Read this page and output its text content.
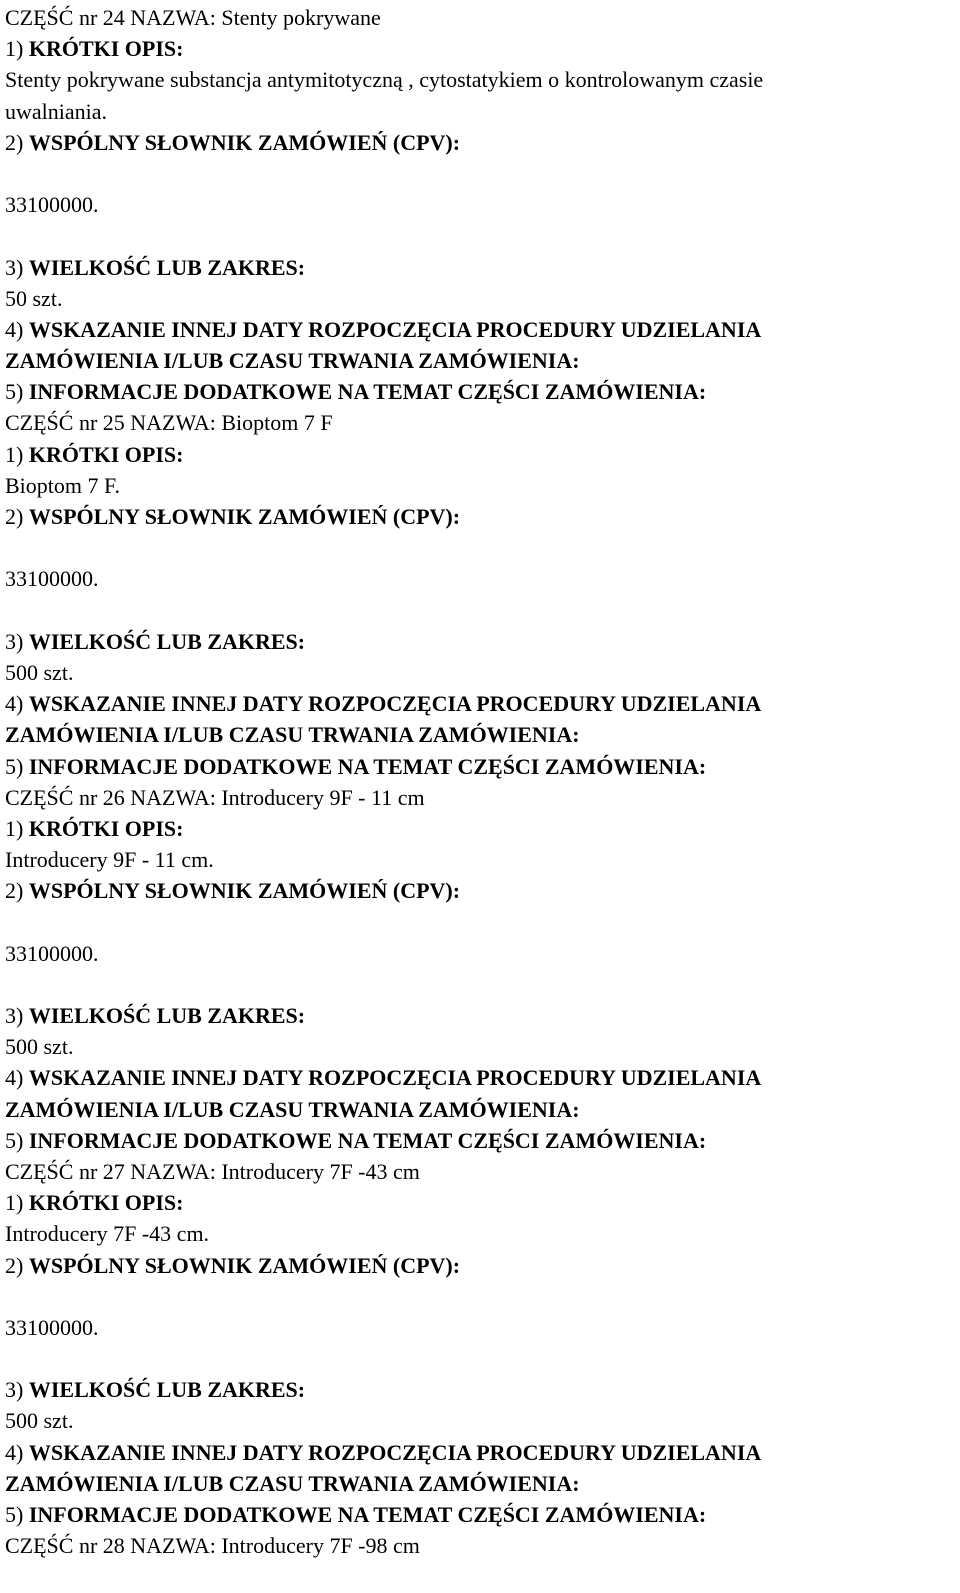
CZĘŚĆ nr 24 NAZWA: Stenty pokrywane
1) KRÓTKI OPIS:
Stenty pokrywane substancja antymitotyczną , cytostatykiem o kontrolowanym czasie
uwalniania.
2) WSPÓLNY SŁOWNIK ZAMÓWIEŃ (CPV):
33100000.
3) WIELKOŚĆ LUB ZAKRES:
50 szt.
4) WSKAZANIE INNEJ DATY ROZPOCZĘCIA PROCEDURY UDZIELANIA
ZAMÓWIENIA I/LUB CZASU TRWANIA ZAMÓWIENIA:
5) INFORMACJE DODATKOWE NA TEMAT CZĘŚCI ZAMÓWIENIA:
CZĘŚĆ nr 25 NAZWA: Bioptom 7 F
1) KRÓTKI OPIS:
Bioptom 7 F.
2) WSPÓLNY SŁOWNIK ZAMÓWIEŃ (CPV):
33100000.
3) WIELKOŚĆ LUB ZAKRES:
500 szt.
4) WSKAZANIE INNEJ DATY ROZPOCZĘCIA PROCEDURY UDZIELANIA
ZAMÓWIENIA I/LUB CZASU TRWANIA ZAMÓWIENIA:
5) INFORMACJE DODATKOWE NA TEMAT CZĘŚCI ZAMÓWIENIA:
CZĘŚĆ nr 26 NAZWA: Introducery 9F - 11 cm
1) KRÓTKI OPIS:
Introducery 9F - 11 cm.
2) WSPÓLNY SŁOWNIK ZAMÓWIEŃ (CPV):
33100000.
3) WIELKOŚĆ LUB ZAKRES:
500 szt.
4) WSKAZANIE INNEJ DATY ROZPOCZĘCIA PROCEDURY UDZIELANIA
ZAMÓWIENIA I/LUB CZASU TRWANIA ZAMÓWIENIA:
5) INFORMACJE DODATKOWE NA TEMAT CZĘŚCI ZAMÓWIENIA:
CZĘŚĆ nr 27 NAZWA: Introducery 7F -43 cm
1) KRÓTKI OPIS:
Introducery 7F -43 cm.
2) WSPÓLNY SŁOWNIK ZAMÓWIEŃ (CPV):
33100000.
3) WIELKOŚĆ LUB ZAKRES:
500 szt.
4) WSKAZANIE INNEJ DATY ROZPOCZĘCIA PROCEDURY UDZIELANIA
ZAMÓWIENIA I/LUB CZASU TRWANIA ZAMÓWIENIA:
5) INFORMACJE DODATKOWE NA TEMAT CZĘŚCI ZAMÓWIENIA:
CZĘŚĆ nr 28 NAZWA: Introducery 7F -98 cm
